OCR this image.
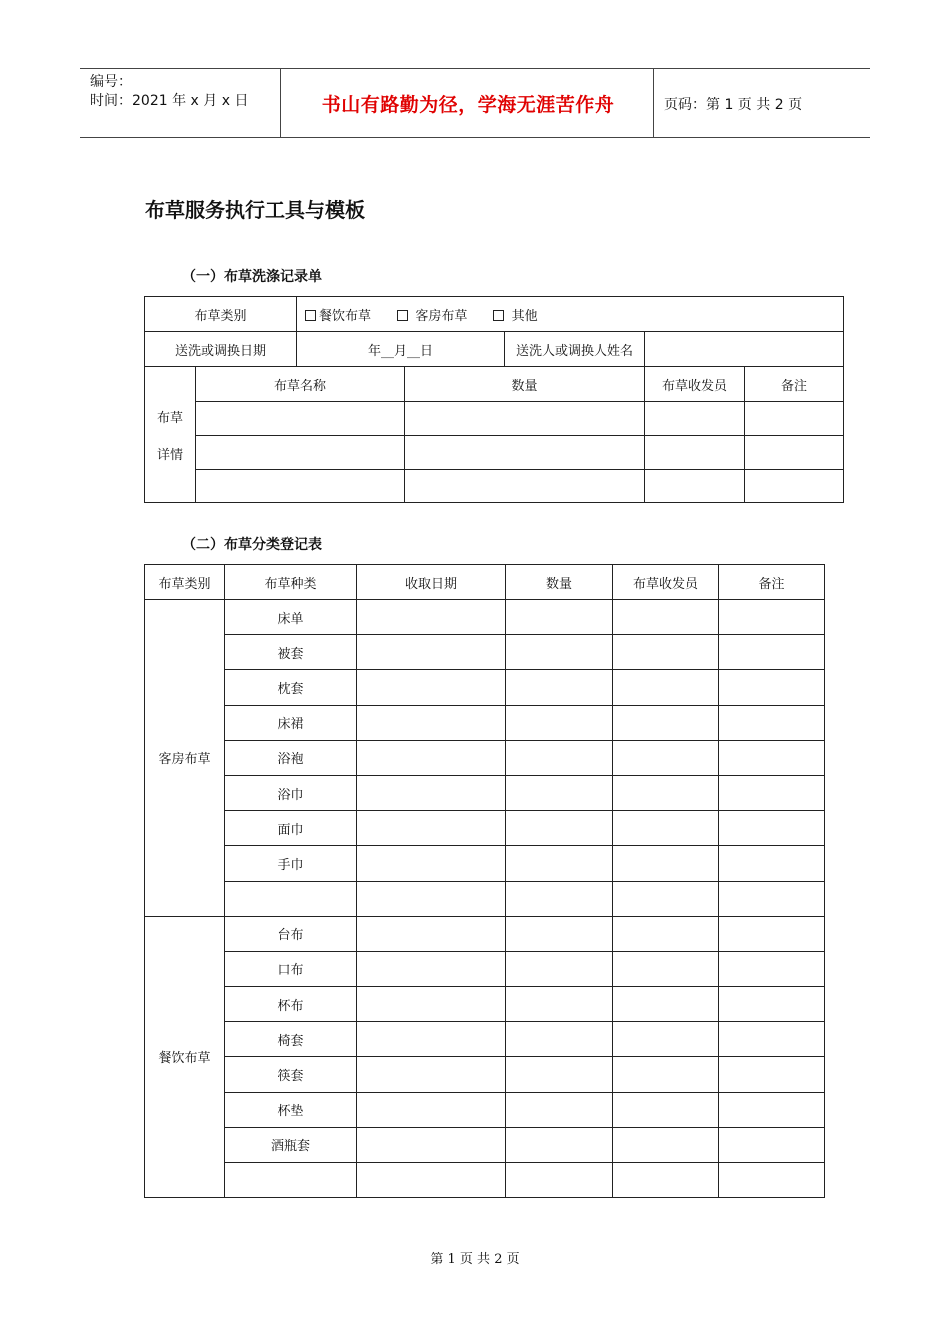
编号：
时间：2021 年 x 月 x 日	书山有路勤为径，学海无涯苦作舟	页码：第 1 页 共 2 页
布草服务执行工具与模板
（一）布草洗涤记录单
布草类别		餐饮布草 客房布草 其他				
送洗或调换日期		年__月__日		送洗人或调换人姓名		

布草
详情	布草名称		数量		布草收发员	备注

（二）布草分类登记表
布草类别	布草种类	收取日期	数量	布草收发员	备注
客房布草	床单				
	被套				
	枕套				
	床裙				
	浴袍				
	浴巾				
	面巾				
	手巾				

餐饮布草	台布				
	口布				
	杯布				
	椅套				
	筷套				
	杯垫				
	酒瓶套				

第 1 页 共 2 页
